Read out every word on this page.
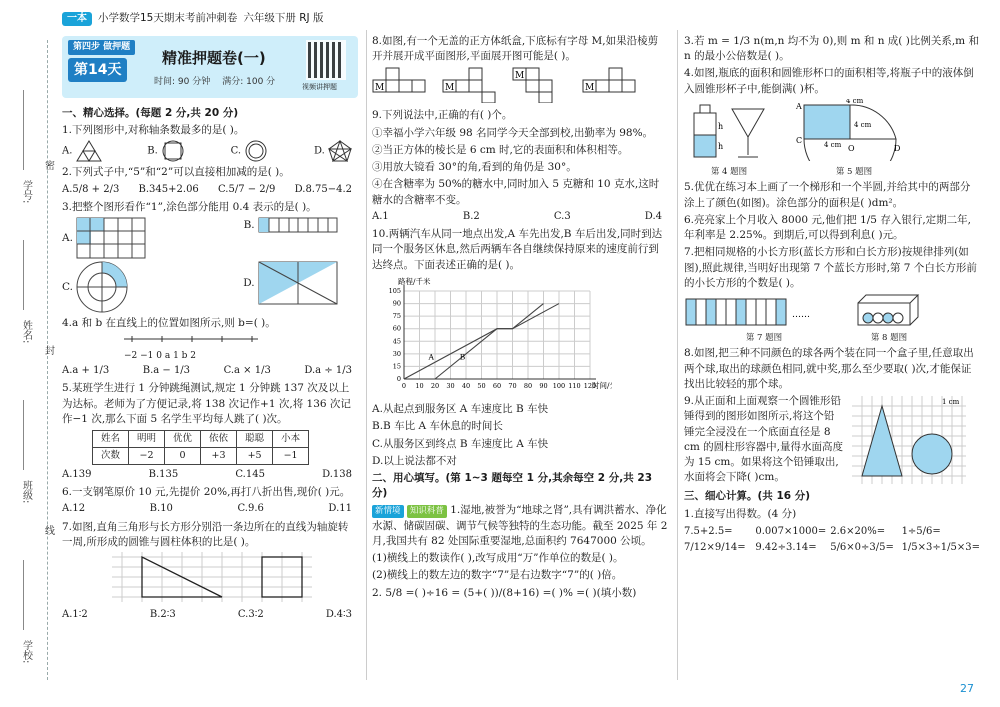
密
封
线
学号:
姓名:
班级:
学校:
一本	小学数学15天期末考前冲刺卷 六年级下册 RJ 版
第四步 做押题
第14天
精准押题卷(一)
时间: 90 分钟 满分: 100 分	视频讲押题
一、精心选择。(每题 2 分,共 20 分)
1.下列图形中,对称轴条数最多的是( )。
A.	B.	C.	D.
2.下列式子中,“5”和“2”可以直接相加减的是( )。
A.5/8 + 2/3 B.345+2.06 C.5/7 − 2/9 D.8.75−4.2
3.把整个图形看作“1”,涂色部分能用 0.4 表示的是( )。
A.
B.
C.	D.
4.a 和 b 在直线上的位置如图所示,则 b=( )。
−2 −1 0 a 1 b 2
A.a + 1/3	B.a − 1/3	C.a × 1/3	D.a ÷ 1/3
5.某班学生进行 1 分钟跳绳测试,规定 1 分钟跳 137 次及以上为达标。老师为了方便记录,将 138 次记作+1 次,将 136 次记作−1 次,那么下面 5 名学生平均每人跳了( )次。
姓名	明明	优优	依依	聪聪	小本
次数	−2	0	+3	+5	−1
A.139	B.135	C.145	D.138
6.一支钢笔原价 10 元,先提价 20%,再打八折出售,现价( )元。
A.12	B.10	C.9.6	D.11
7.如图,直角三角形与长方形分别沿一条边所在的直线为轴旋转一周,所形成的圆锥与圆柱体积的比是( )。
A.1∶2	B.2∶3	C.3∶2	D.4∶3
8.如图,有一个无盖的正方体纸盒,下底标有字母 M,如果沿棱剪开并展开成平面图形,平面展开图可能是( )。
M	M
M
M
9.下列说法中,正确的有( )个。
①幸福小学六年级 98 名同学今天全部到校,出勤率为 98%。
②当正方体的棱长是 6 cm 时,它的表面积和体积相等。
③用放大镜看 30°的角,看到的角仍是 30°。
④在含糖率为 50%的糖水中,同时加入 5 克糖和 10 克水,这时糖水的含糖率不变。
A.1	B.2	C.3	D.4
10.两辆汽车从同一地点出发,A 车先出发,B 车后出发,同时到达同一个服务区休息,然后两辆车各自继续保持原来的速度前行到达终点。下面表述正确的是( )。
0 10 20 30 40 50 60 70 80 90 100 110 120
0
15
30
45
60
75
90
105
路程/千米
时间/
A	B
A.从起点到服务区 A 车速度比 B 车快
B.B 车比 A 车休息的时间长
C.从服务区到终点 B 车速度比 A 车快
D.以上说法都不对
二、用心填写。(第 1~3 题每空 1 分,其余每空 2 分,共 23 分)
新情境 知识科普 1.湿地,被誉为“地球之肾”,具有调洪蓄水、净化水源、储碳固碳、调节气候等独特的生态功能。截至 2025 年 2 月,我国共有 82 处国际重要湿地,总面积约 7647000 公顷。
(1)横线上的数读作( ),改写成用“万”作单位的数是( )。
(2)横线上的数左边的数字“7”是右边数字“7”的( )倍。
2. 5/8 =( )÷16 = (5+( ))/(8+16) =( )% =( )(填小数)
3.若 m = 1/3 n(m,n 均不为 0),则 m 和 n 成( )比例关系,m 和 n 的最小公倍数是( )。
4.如图,瓶底的面积和圆锥形杯口的面积相等,将瓶子中的液体倒入圆锥形杯子中,能倒满( )杯。
h
h
第 4 题图
A
C
4 cm
4 cm
4 cm O	D
第 5 题图
5.优优在练习本上画了一个梯形和一个半圆,并给其中的两部分涂上了颜色(如图)。涂色部分的面积是( )dm²。
6.亮亮家上个月收入 8000 元,他们把 1/5 存入银行,定期二年,年利率是 2.25%。到期后,可以得到利息( )元。
7.把相同规格的小长方形(蓝长方形和白长方形)按规律排列(如图),照此规律,当明好出现第 7 个蓝长方形时,第 7 个白长方形前的小长方形的个数是( )。
……
第 7 题图	第 8 题图
8.如图,把三种不同颜色的球各两个装在同一个盒子里,任意取出两个球,取出的球颜色相同,就中奖,那么至少要取( )次,才能保证找出比较轻的那个球。
9.从正面和上面观察一个圆锥形铅锤得到的图形如图所示,将这个铅锤完全浸没在一个底面直径是 8 cm 的圆柱形容器中,量得水面高度为 15 cm。如果将这个铅锤取出,水面将会下降( )cm。
1 cm
三、细心计算。(共 16 分)
1.直接写出得数。(4 分)
7.5+2.5=	0.007×1000= 2.6×20%=	1÷5/6=
7/12×9/14= 9.42÷3.14=	5/6×0÷3/5= 1/5×3÷1/5×3=
27
